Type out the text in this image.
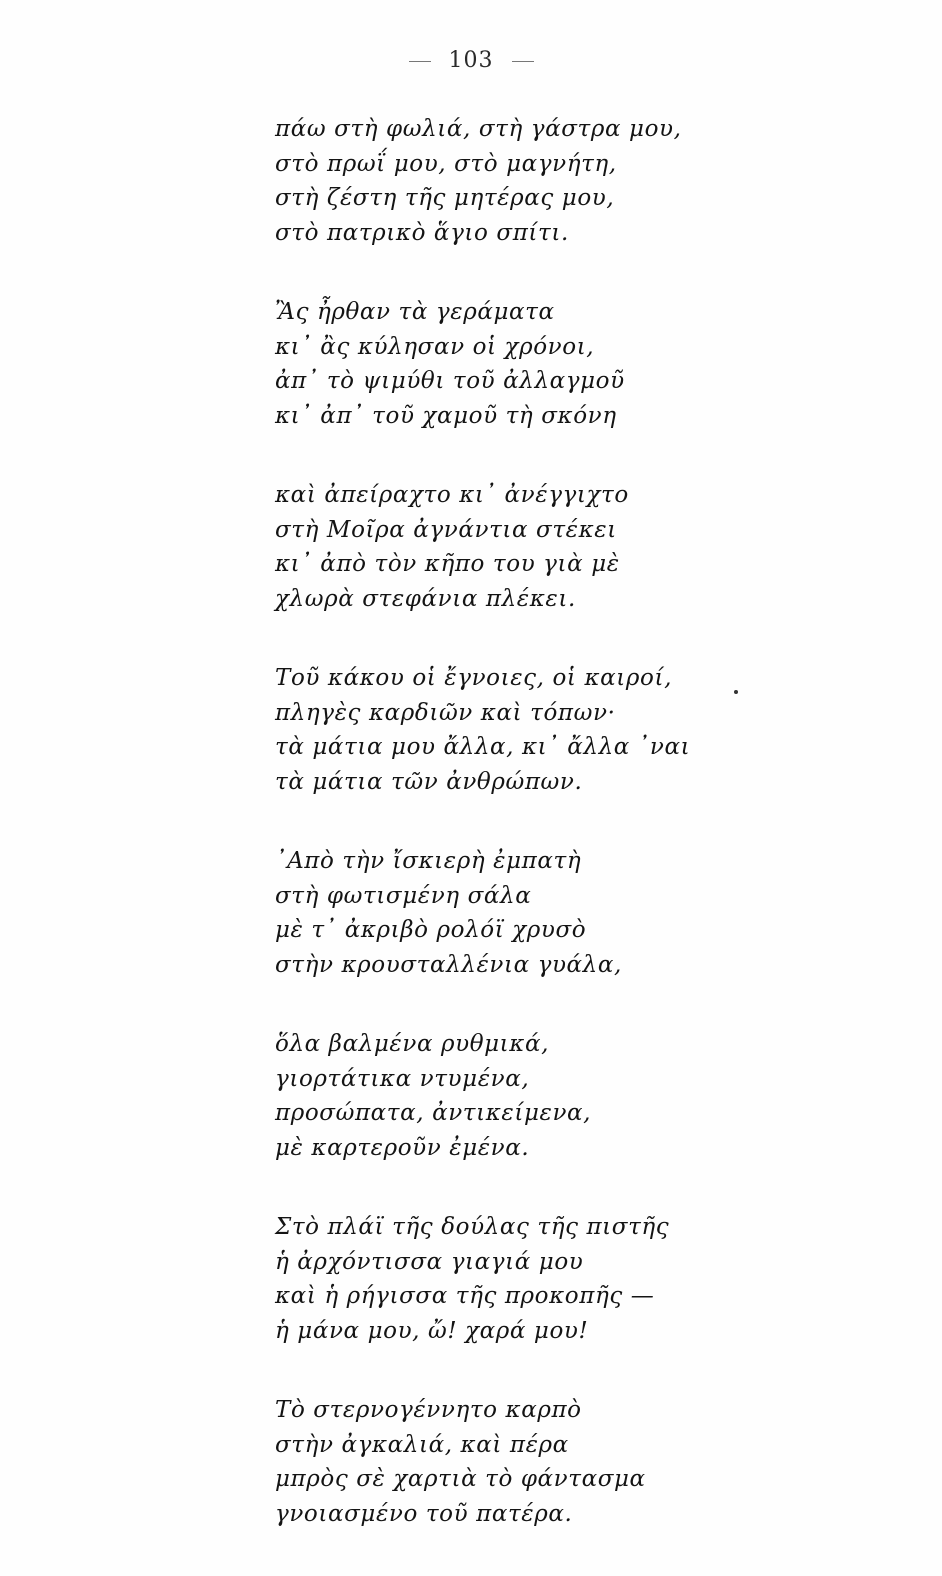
103
πάω στὴ φωλιά, στὴ γάστρα μου,
στὸ πρωΐ μου, στὸ μαγνήτη,
στὴ ζέστη τῆς μητέρας μου,
στὸ πατρικὸ ἅγιο σπίτι.
Ἂς ἦρθαν τὰ γεράματα
κι᾿ ἂς κύλησαν οἱ χρόνοι,
ἀπ᾿ τὸ ψιμύθι τοῦ ἀλλαγμοῦ
κι᾿ ἀπ᾿ τοῦ χαμοῦ τὴ σκόνη
καὶ ἀπείραχτο κι᾿ ἀνέγγιχτο
στὴ Μοῖρα ἀγνάντια στέκει
κι᾿ ἀπὸ τὸν κῆπο του γιὰ μὲ
χλωρὰ στεφάνια πλέκει.
Τοῦ κάκου οἱ ἔγνοιες, οἱ καιροί,
πληγὲς καρδιῶν καὶ τόπων·
τὰ μάτια μου ἄλλα, κι᾿ ἄλλα ᾿ναι
τὰ μάτια τῶν ἀνθρώπων.
᾿Απὸ τὴν ἴσκιερὴ ἐμπατὴ
στὴ φωτισμένη σάλα
μὲ τ᾿ ἀκριβὸ ρολόϊ χρυσὸ
στὴν κρουσταλλένια γυάλα,
ὅλα βαλμένα ρυθμικά,
γιορτάτικα ντυμένα,
προσώπατα, ἀντικείμενα,
μὲ καρτεροῦν ἐμένα.
Στὸ πλάϊ τῆς δούλας τῆς πιστῆς
ἡ ἀρχόντισσα γιαγιά μου
καὶ ἡ ρήγισσα τῆς προκοπῆς —
ἡ μάνα μου, ὤ! χαρά μου!
Τὸ στερνογέννητο καρπὸ
στὴν ἀγκαλιά, καὶ πέρα
μπρὸς σὲ χαρτιὰ τὸ φάντασμα
γνοιασμένο τοῦ πατέρα.
